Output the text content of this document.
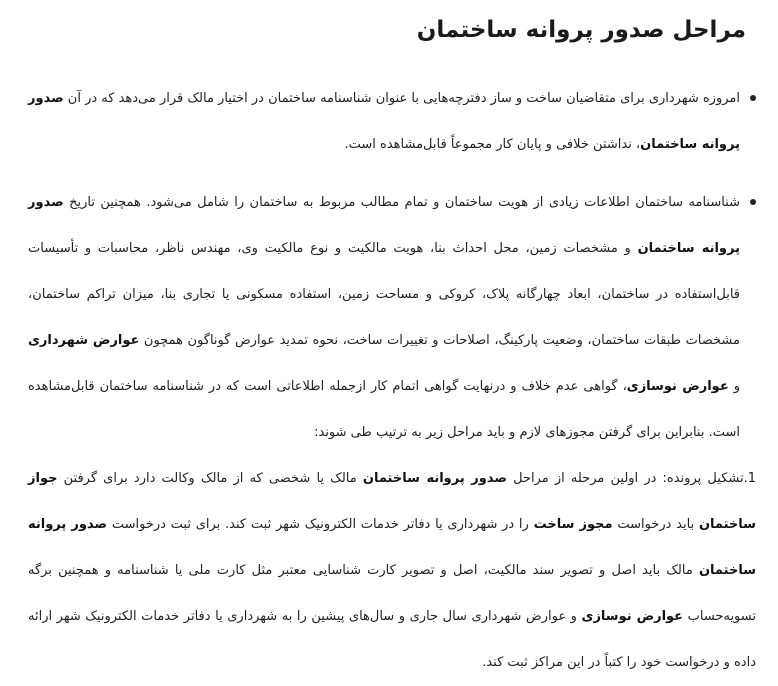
مراحل صدور پروانه ساختمان
امروزه شهرداری برای متقاضیان ساخت و ساز دفترچه‌هایی با عنوان شناسنامه ساختمان در اختیار مالک قرار می‌دهد که در آن صدور پروانه ساختمان، نداشتن خلافی و پایان کار مجموعاً قابل‌مشاهده است.
شناسنامه ساختمان اطلاعات زیادی از هویت ساختمان و تمام مطالب مربوط به ساختمان را شامل می‌شود. همچنین تاریخ صدور پروانه ساختمان و مشخصات زمین، محل احداث بنا، هویت مالکیت و نوع مالکیت وی، مهندس ناظر، محاسبات و تأسیسات قابل‌استفاده در ساختمان، ابعاد چهارگانه پلاک، کروکی و مساحت زمین، استفاده مسکونی یا تجاری بنا، میزان تراکم ساختمان، مشخصات طبقات ساختمان، وضعیت پارکینگ، اصلاحات و تغییرات ساخت، نحوه تمدید عوارض گوناگون همچون عوارض شهرداری و عوارض نوسازی، گواهی عدم خلاف و درنهایت گواهی اتمام کار ازجمله اطلاعاتی است که در شناسنامه ساختمان قابل‌مشاهده است. بنابراین برای گرفتن مجوزهای لازم و باید مراحل زیر به ترتیب طی شوند:

1.تشکیل پرونده: در اولین مرحله از مراحل صدور پروانه ساختمان مالک یا شخصی که از مالک وکالت دارد برای گرفتن جواز ساختمان باید درخواست مجوز ساخت را در شهرداری یا دفاتر خدمات الکترونیک شهر ثبت کند. برای ثبت درخواست صدور پروانه ساختمان مالک باید اصل و تصویر سند مالکیت، اصل و تصویر کارت شناسایی معتبر مثل کارت ملی یا شناسنامه و همچنین برگه تسویه‌حساب عوارض نوسازی و عوارض شهرداری سال جاری و سال‌های پیشین را به شهرداری یا دفاتر خدمات الکترونیک شهر ارائه داده و درخواست خود را کتباً در این مراکز ثبت کند.
